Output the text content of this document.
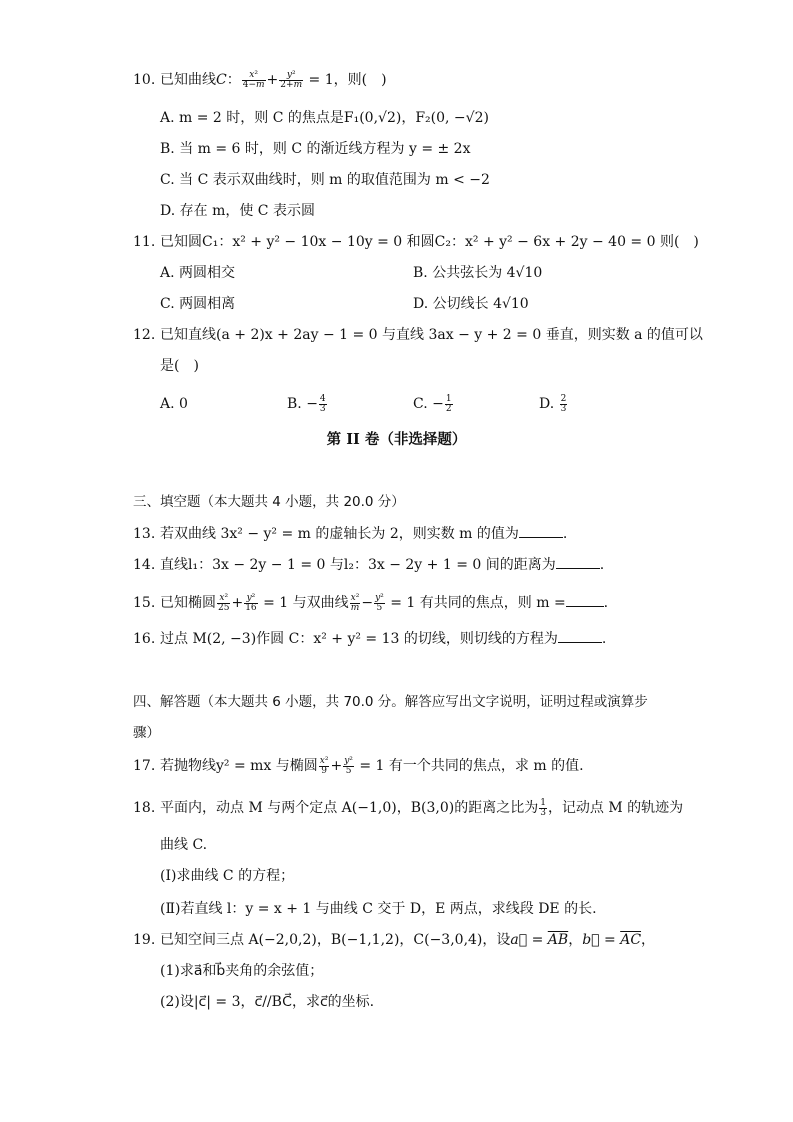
10. 已知曲线C： $\frac{\text{x²}}{4-m} + \frac{\text{y²}}{2+m} = 1$，则(　)
A. m = 2 时，则 C 的焦点是F₁(0,√2)，F₂(0, −√2)
B. 当 m = 6 时，则 C 的渐近线方程为 y = ± 2x
C. 当 C 表示双曲线时，则 m 的取值范围为 m < −2
D. 存在 m，使 C 表示圆
11. 已知圆C₁：x² + y² − 10x − 10y = 0 和圆C₂：x² + y² − 6x + 2y − 40 = 0 则(　)
A. 两圆相交	B. 公共弦长为 4√10
C. 两圆相离	D. 公切线长 4√10
12. 已知直线(a + 2)x + 2ay − 1 = 0 与直线 3ax − y + 2 = 0 垂直，则实数 a 的值可以
是(　)
A. 0	B. − $\frac{4}{3}$	C. − $\frac{1}{2}$	D. $\frac{2}{3}$
第 II 卷（非选择题）
三、填空题（本大题共 4 小题，共 20.0 分）
13. 若双曲线 3x² − y² = m 的虚轴长为 2，则实数 m 的值为	.
14. 直线l₁：3x − 2y − 1 = 0 与l₂：3x − 2y + 1 = 0 间的距离为	.
15. 已知椭圆 $\frac{\text{x²}}{25} + \frac{\text{y²}}{16} = 1$ 与双曲线 $\frac{\text{x²}}{m} - \frac{\text{y²}}{5} = 1$ 有共同的焦点，则 m =	.
16. 过点 M(2, −3)作圆 C：x² + y² = 13 的切线，则切线的方程为	.
四、解答题（本大题共 6 小题，共 70.0 分。解答应写出文字说明，证明过程或演算步
骤）
17. 若抛物线y² = mx 与椭圆 $\frac{\text{x²}}{9} + \frac{\text{y²}}{5} = 1$ 有一个共同的焦点，求 m 的值.
18. 平面内，动点 M 与两个定点 A(−1,0)，B(3,0)的距离之比为 $\frac{1}{3}$ ，记动点 M 的轨迹为
曲线 C.
(Ⅰ)求曲线 C 的方程；
(Ⅱ)若直线 l：y = x + 1 与曲线 C 交于 D，E 两点，求线段 DE 的长.
19. 已知空间三点 A(−2,0,2)，B(−1,1,2)，C(−3,0,4)，设a⃗ = $\overline{AB}$，b⃗ = $\overline{AC}$，
(1)求a⃗和b⃗夹角的余弦值；
(2)设|c⃗| = 3，c⃗//BC⃗，求c⃗的坐标.
